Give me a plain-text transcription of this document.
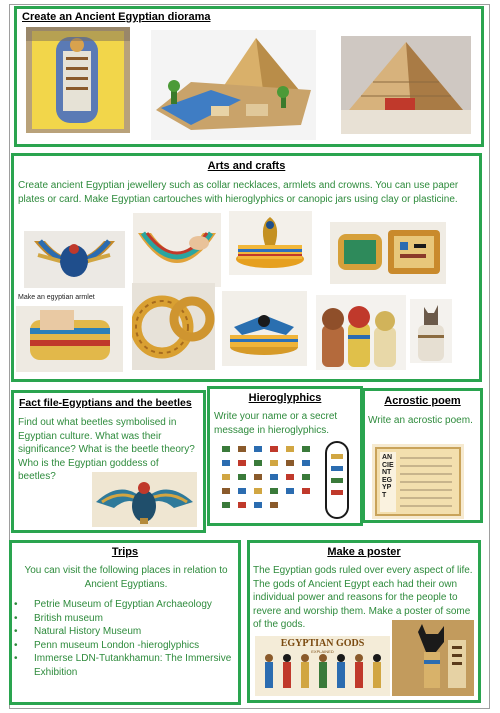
Create an Ancient Egyptian diorama
Arts and crafts
Create ancient Egyptian jewellery such as collar necklaces, armlets and crowns. You can use paper plates or card. Make Egyptian cartouches with hieroglyphics or canopic jars using clay or plasticine.
Make an egyptian armlet
Fact file-Egyptians and the beetles
Find out what beetles symbolised in Egyptian culture. What was their significance? What is the beetle theory? Who is the Egyptian goddess of beetles?
Hieroglyphics
Write your name or a secret message in hieroglyphics.
Acrostic poem
Write an acrostic poem.
ANCIENT EGYPT
Trips
You can visit the following places in relation to Ancient Egyptians.
• Petrie Museum of Egyptian Archaeology
• British museum
• Natural History Museum
• Penn museum London -hieroglyphics
• Immerse LDN-Tutankhamun: The Immersive Exhibition
Make a poster
The Egyptian gods ruled over every aspect of life. The gods of Ancient Egypt each had their own individual power and reasons for the people to revere and worship them. Make a poster of some of the gods.
EGYPTIAN GODS
EXPLAINED
